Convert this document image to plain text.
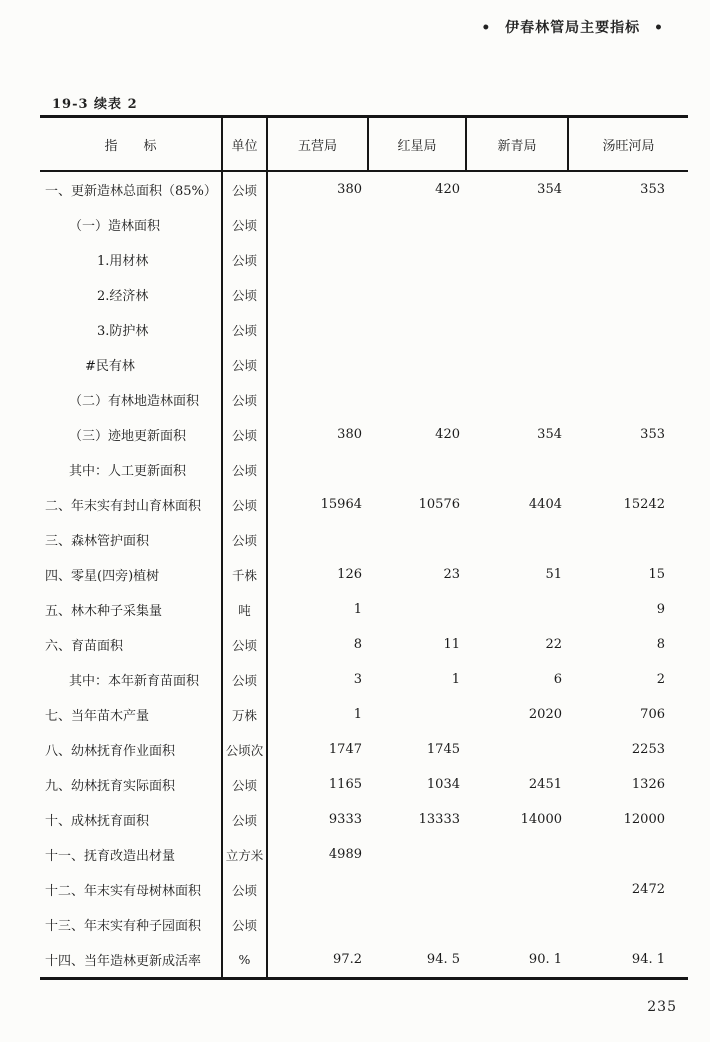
• 伊春林管局主要指标 •
19-3 续表 2
指　　标	单位	五营局	红星局	新青局	汤旺河局
一、更新造林总面积（85%）	公顷	380	420	354	353
（一）造林面积	公顷				
1.用材林	公顷				
2.经济林	公顷				
3.防护林	公顷				
#民有林	公顷				
（二）有林地造林面积	公顷				
（三）迹地更新面积	公顷	380	420	354	353
其中：人工更新面积	公顷				
二、年末实有封山育林面积	公顷	15964	10576	4404	15242
三、森林管护面积	公顷				
四、零星(四旁)植树	千株	126	23	51	15
五、林木种子采集量	吨	1			9
六、育苗面积	公顷	8	11	22	8
其中：本年新育苗面积	公顷	3	1	6	2
七、当年苗木产量	万株	1		2020	706
八、幼林抚育作业面积	公顷次	1747	1745		2253
九、幼林抚育实际面积	公顷	1165	1034	2451	1326
十、成林抚育面积	公顷	9333	13333	14000	12000
十一、抚育改造出材量	立方米	4989			
十二、年末实有母树林面积	公顷				2472
十三、年末实有种子园面积	公顷				
十四、当年造林更新成活率	%	97.2	94. 5	90. 1	94. 1
235
